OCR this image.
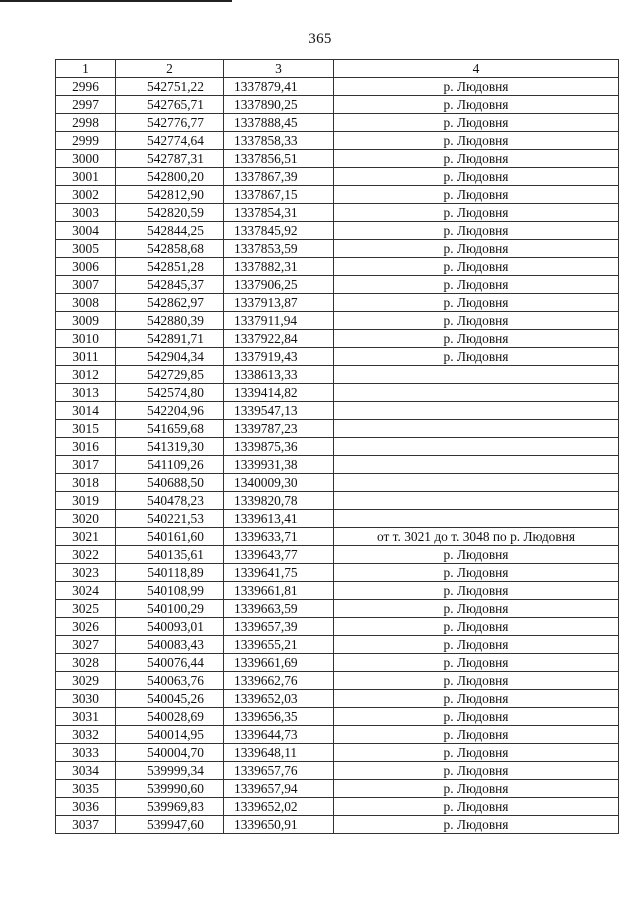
365
1	2	3	4
2996	542751,22	1337879,41	р. Людовня
2997	542765,71	1337890,25	р. Людовня
2998	542776,77	1337888,45	р. Людовня
2999	542774,64	1337858,33	р. Людовня
3000	542787,31	1337856,51	р. Людовня
3001	542800,20	1337867,39	р. Людовня
3002	542812,90	1337867,15	р. Людовня
3003	542820,59	1337854,31	р. Людовня
3004	542844,25	1337845,92	р. Людовня
3005	542858,68	1337853,59	р. Людовня
3006	542851,28	1337882,31	р. Людовня
3007	542845,37	1337906,25	р. Людовня
3008	542862,97	1337913,87	р. Людовня
3009	542880,39	1337911,94	р. Людовня
3010	542891,71	1337922,84	р. Людовня
3011	542904,34	1337919,43	р. Людовня
3012	542729,85	1338613,33	
3013	542574,80	1339414,82	
3014	542204,96	1339547,13	
3015	541659,68	1339787,23	
3016	541319,30	1339875,36	
3017	541109,26	1339931,38	
3018	540688,50	1340009,30	
3019	540478,23	1339820,78	
3020	540221,53	1339613,41	
3021	540161,60	1339633,71	от т. 3021 до т. 3048 по р. Людовня
3022	540135,61	1339643,77	р. Людовня
3023	540118,89	1339641,75	р. Людовня
3024	540108,99	1339661,81	р. Людовня
3025	540100,29	1339663,59	р. Людовня
3026	540093,01	1339657,39	р. Людовня
3027	540083,43	1339655,21	р. Людовня
3028	540076,44	1339661,69	р. Людовня
3029	540063,76	1339662,76	р. Людовня
3030	540045,26	1339652,03	р. Людовня
3031	540028,69	1339656,35	р. Людовня
3032	540014,95	1339644,73	р. Людовня
3033	540004,70	1339648,11	р. Людовня
3034	539999,34	1339657,76	р. Людовня
3035	539990,60	1339657,94	р. Людовня
3036	539969,83	1339652,02	р. Людовня
3037	539947,60	1339650,91	р. Людовня
